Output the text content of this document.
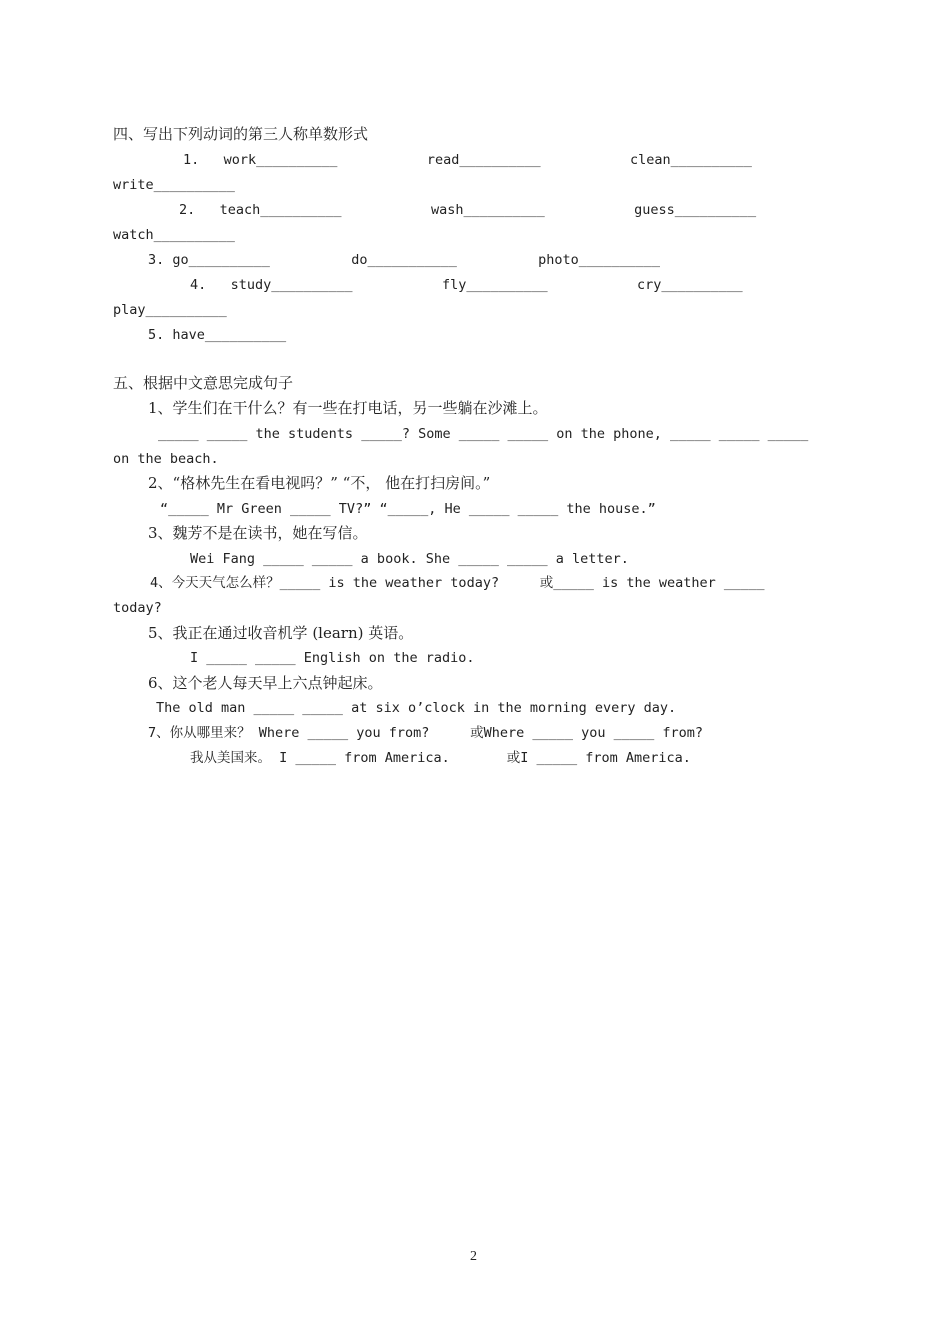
四、写出下列动词的第三人称单数形式
1.   work__________           read__________           clean__________
write__________
2.   teach__________           wash__________           guess__________
watch__________
3. go__________          do___________          photo__________
4.   study__________           fly__________           cry__________
play__________
5. have__________
五、根据中文意思完成句子
1、学生们在干什么？有一些在打电话，另一些躺在沙滩上。
_____ _____ the students _____? Some _____ _____ on the phone, _____ _____ _____
on the beach.
2、“格林先生在看电视吗？” “不， 他在打扫房间。”
“_____ Mr Green _____ TV?” “_____, He _____ _____ the house.”
3、魏芳不是在读书，她在写信。
Wei Fang _____ _____ a book. She _____ _____ a letter.
4、今天天气怎么样？_____ is the weather today?     或_____ is the weather _____
today?
5、我正在通过收音机学 (learn) 英语。
I _____ _____ English on the radio.
6、这个老人每天早上六点钟起床。
The old man _____ _____ at six o’clock in the morning every day.
7、你从哪里来？ Where _____ you from?     或Where _____ you _____ from?
我从美国来。 I _____ from America.       或I _____ from America.
2
